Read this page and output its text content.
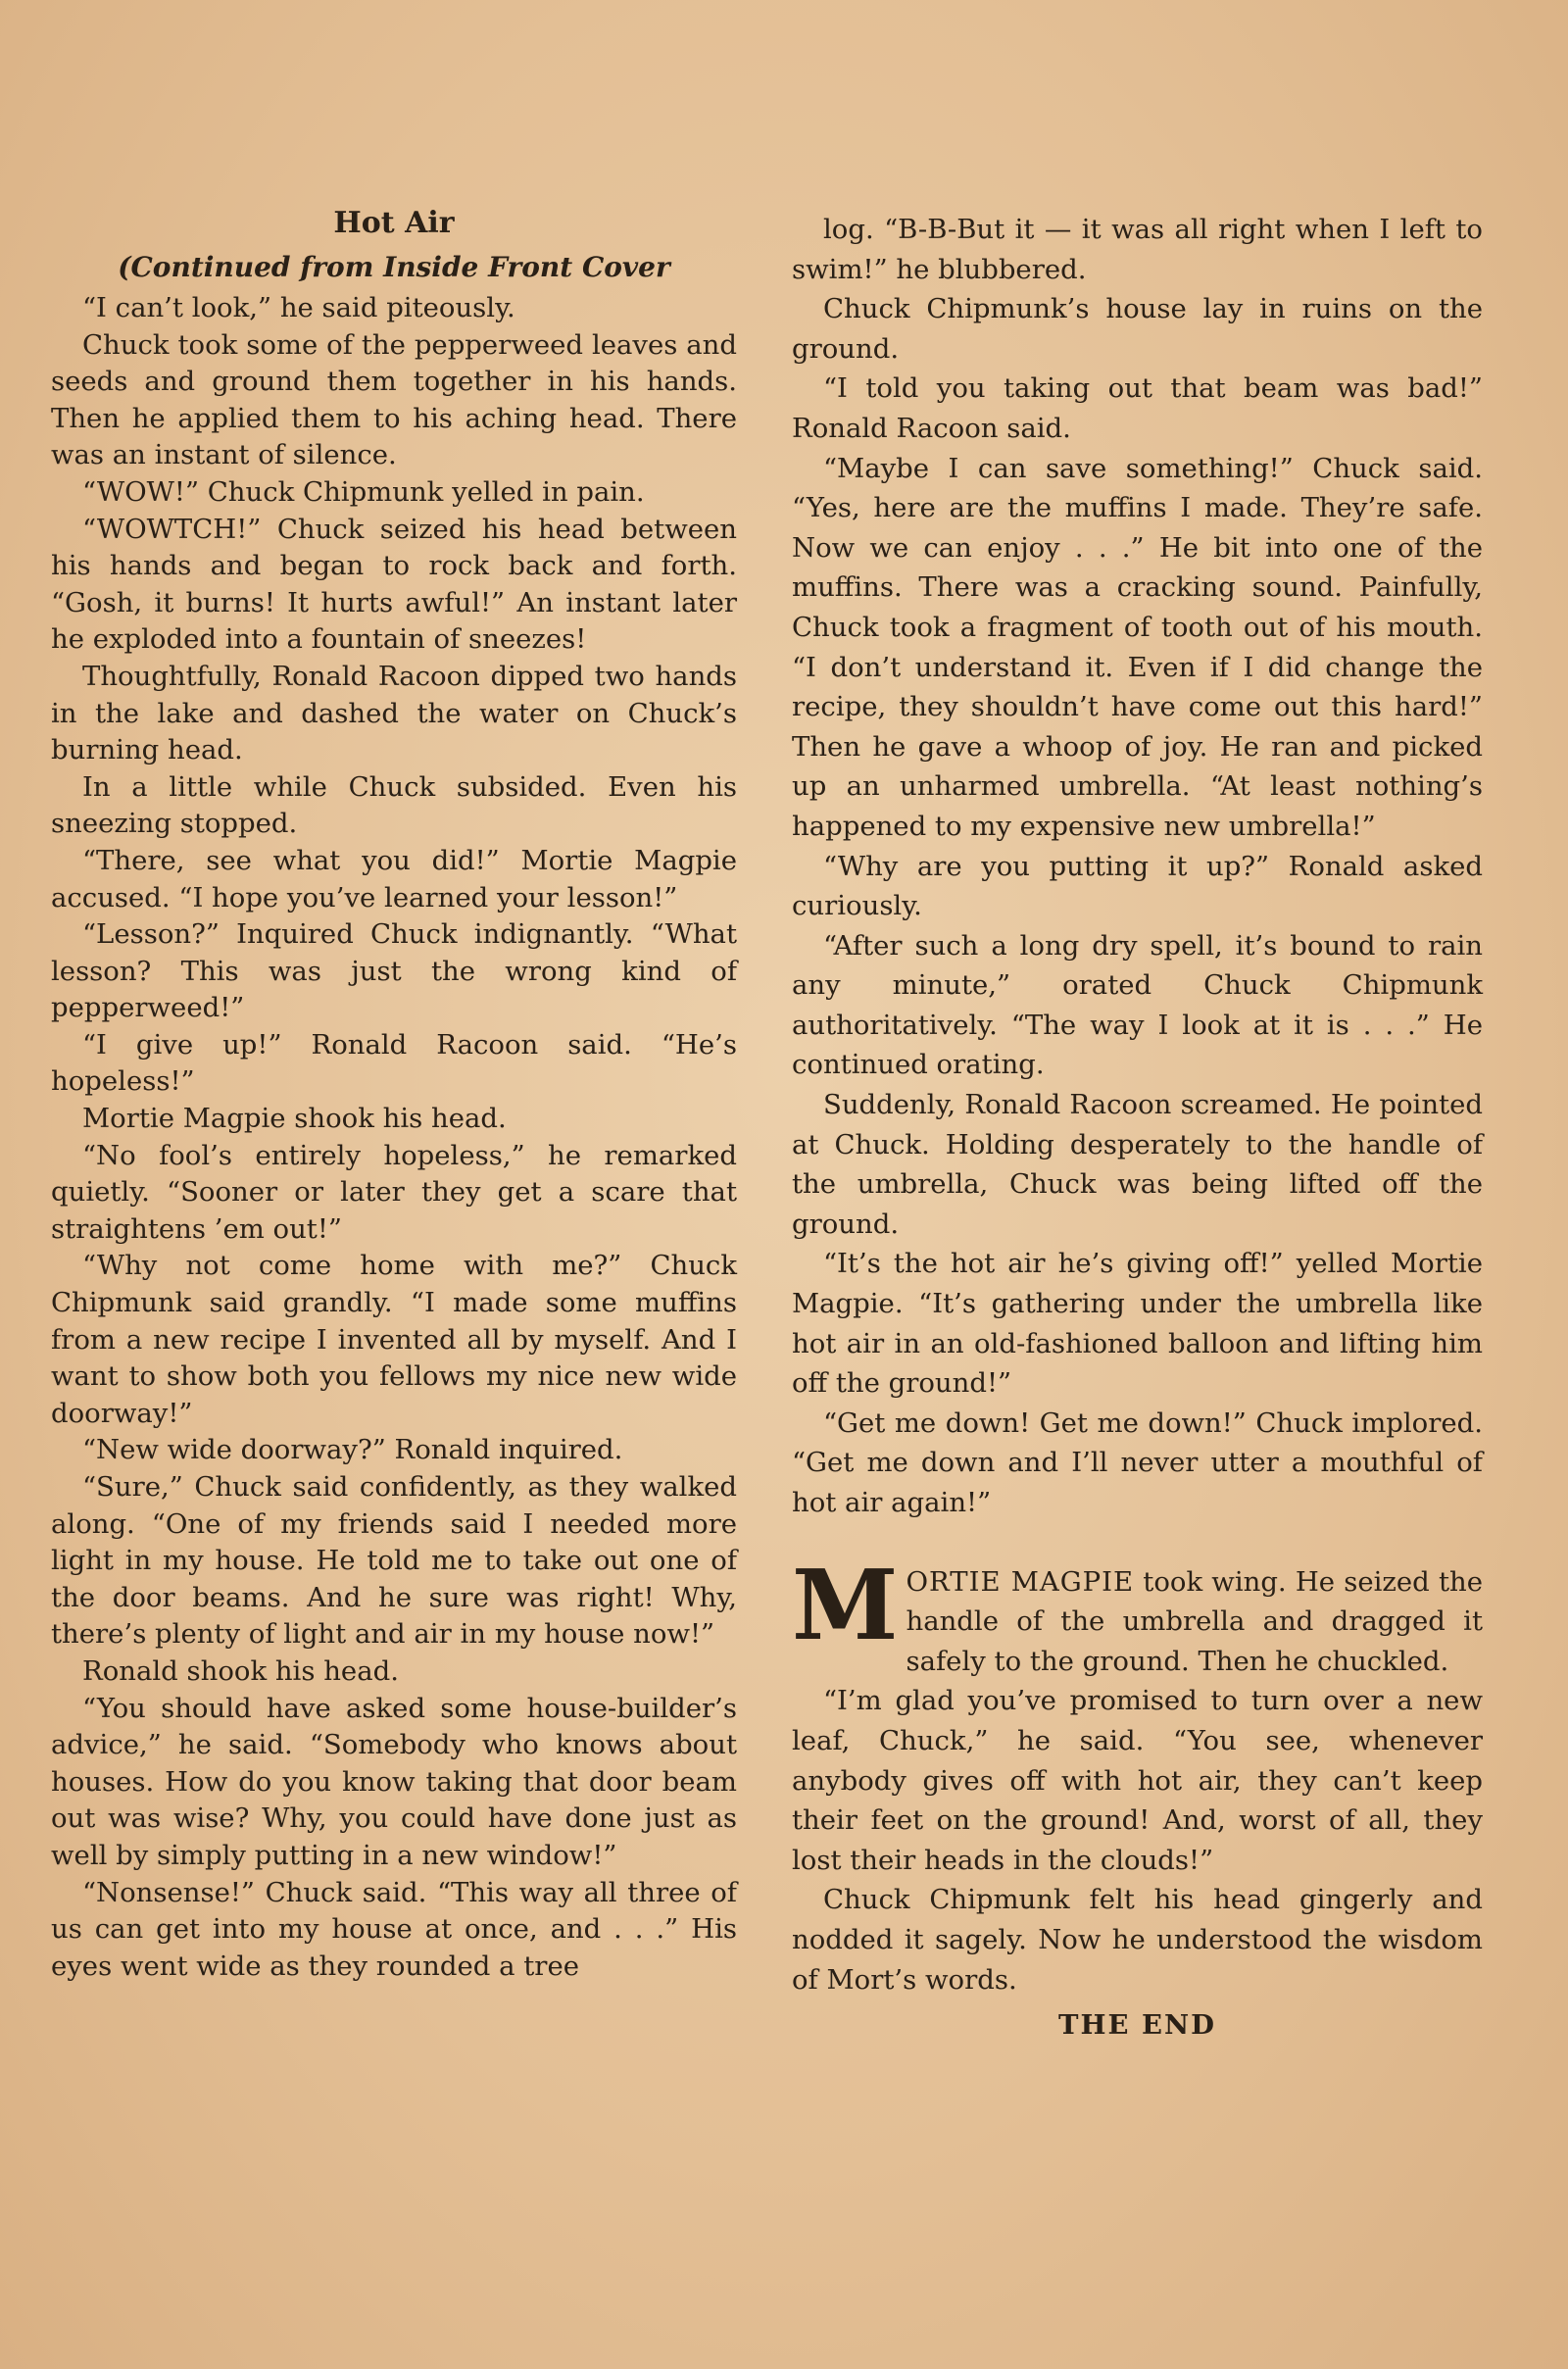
Hot Air
(Continued from Inside Front Cover

“I can’t look,” he said piteously.

Chuck took some of the pepperweed leaves and seeds and ground them together in his hands. Then he applied them to his aching head. There was an instant of silence.

“WOW!” Chuck Chipmunk yelled in pain.

“WOWTCH!” Chuck seized his head between his hands and began to rock back and forth. “Gosh, it burns! It hurts awful!” An instant later he exploded into a fountain of sneezes!

Thoughtfully, Ronald Racoon dipped two hands in the lake and dashed the water on Chuck’s burning head.

In a little while Chuck subsided. Even his sneezing stopped.

“There, see what you did!” Mortie Magpie accused. “I hope you’ve learned your lesson!”

“Lesson?” Inquired Chuck indignantly. “What lesson? This was just the wrong kind of pepperweed!”

“I give up!” Ronald Racoon said. “He’s hopeless!”

Mortie Magpie shook his head.

“No fool’s entirely hopeless,” he remarked quietly. “Sooner or later they get a scare that straightens ’em out!”

“Why not come home with me?” Chuck Chipmunk said grandly. “I made some muffins from a new recipe I invented all by myself. And I want to show both you fellows my nice new wide doorway!”

“New wide doorway?” Ronald inquired.

“Sure,” Chuck said confidently, as they walked along. “One of my friends said I needed more light in my house. He told me to take out one of the door beams. And he sure was right! Why, there’s plenty of light and air in my house now!”

Ronald shook his head.

“You should have asked some house-builder’s advice,” he said. “Somebody who knows about houses. How do you know taking that door beam out was wise? Why, you could have done just as well by simply putting in a new window!”

“Nonsense!” Chuck said. “This way all three of us can get into my house at once, and . . .” His eyes went wide as they rounded a tree

log. “B-B-But it — it was all right when I left to swim!” he blubbered.

Chuck Chipmunk’s house lay in ruins on the ground.

“I told you taking out that beam was bad!” Ronald Racoon said.

“Maybe I can save something!” Chuck said. “Yes, here are the muffins I made. They’re safe. Now we can enjoy . . .” He bit into one of the muffins. There was a cracking sound. Painfully, Chuck took a fragment of tooth out of his mouth. “I don’t understand it. Even if I did change the recipe, they shouldn’t have come out this hard!” Then he gave a whoop of joy. He ran and picked up an unharmed umbrella. “At least nothing’s happened to my expensive new umbrella!”

“Why are you putting it up?” Ronald asked curiously.

“After such a long dry spell, it’s bound to rain any minute,” orated Chuck Chipmunk authoritatively. “The way I look at it is . . .” He continued orating.

Suddenly, Ronald Racoon screamed. He pointed at Chuck. Holding desperately to the handle of the umbrella, Chuck was being lifted off the ground.

“It’s the hot air he’s giving off!” yelled Mortie Magpie. “It’s gathering under the umbrella like hot air in an old-fashioned balloon and lifting him off the ground!”

“Get me down! Get me down!” Chuck implored. “Get me down and I’ll never utter a mouthful of hot air again!”

MORTIE MAGPIE took wing. He seized the handle of the umbrella and dragged it safely to the ground. Then he chuckled.

“I’m glad you’ve promised to turn over a new leaf, Chuck,” he said. “You see, whenever anybody gives off with hot air, they can’t keep their feet on the ground! And, worst of all, they lost their heads in the clouds!”

Chuck Chipmunk felt his head gingerly and nodded it sagely. Now he understood the wisdom of Mort’s words.

THE END
